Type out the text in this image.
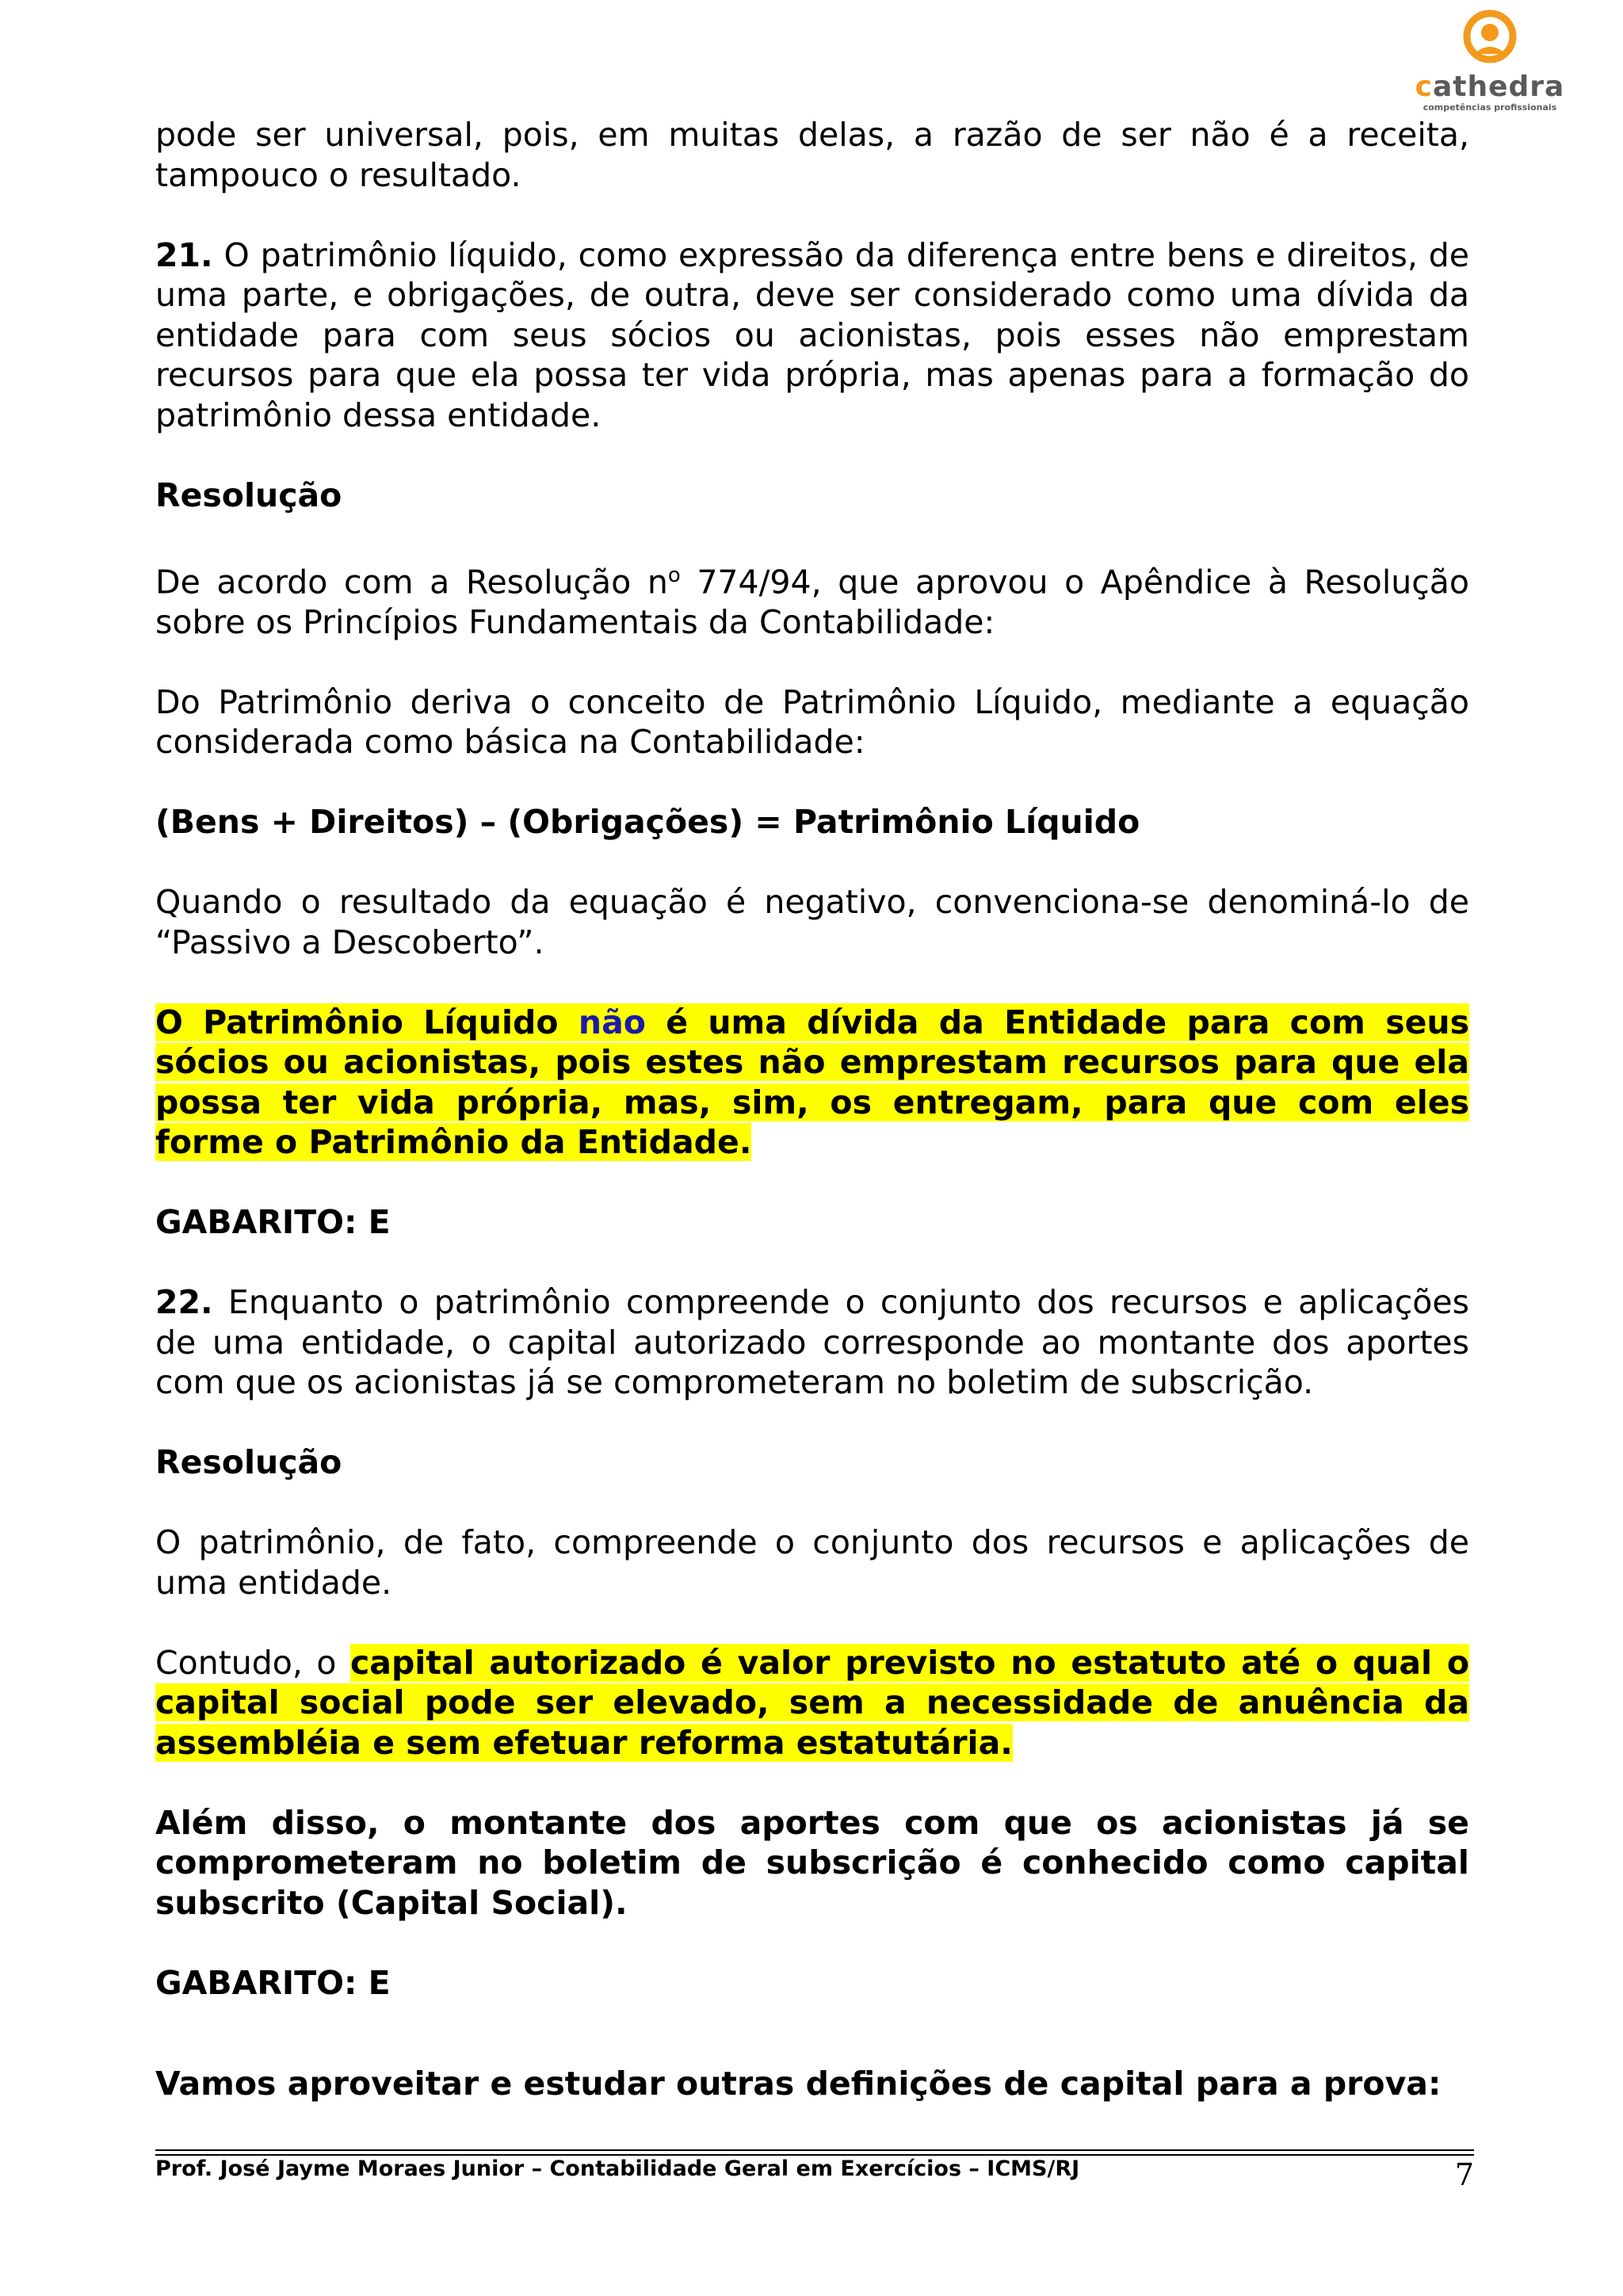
cathedra
competências profissionais

pode ser universal, pois, em muitas delas, a razão de ser não é a receita, tampouco o resultado.

21. O patrimônio líquido, como expressão da diferença entre bens e direitos, de uma parte, e obrigações, de outra, deve ser considerado como uma dívida da entidade para com seus sócios ou acionistas, pois esses não emprestam recursos para que ela possa ter vida própria, mas apenas para a formação do patrimônio dessa entidade.

Resolução

De acordo com a Resolução $n^o$ 774/94, que aprovou o Apêndice à Resolução sobre os Princípios Fundamentais da Contabilidade:

Do Patrimônio deriva o conceito de Patrimônio Líquido, mediante a equação considerada como básica na Contabilidade:

(Bens + Direitos) – (Obrigações) = Patrimônio Líquido

Quando o resultado da equação é negativo, convenciona-se denominá-lo de “Passivo a Descoberto”.

O Patrimônio Líquido não é uma dívida da Entidade para com seus sócios ou acionistas, pois estes não emprestam recursos para que ela possa ter vida própria, mas, sim, os entregam, para que com eles forme o Patrimônio da Entidade.

GABARITO: E

22. Enquanto o patrimônio compreende o conjunto dos recursos e aplicações de uma entidade, o capital autorizado corresponde ao montante dos aportes com que os acionistas já se comprometeram no boletim de subscrição.

Resolução

O patrimônio, de fato, compreende o conjunto dos recursos e aplicações de uma entidade.

Contudo, o capital autorizado é valor previsto no estatuto até o qual o capital social pode ser elevado, sem a necessidade de anuência da assembléia e sem efetuar reforma estatutária.

Além disso, o montante dos aportes com que os acionistas já se comprometeram no boletim de subscrição é conhecido como capital subscrito (Capital Social).

GABARITO: E

Vamos aproveitar e estudar outras definições de capital para a prova:

Prof. José Jayme Moraes Junior – Contabilidade Geral em Exercícios – ICMS/RJ	7
